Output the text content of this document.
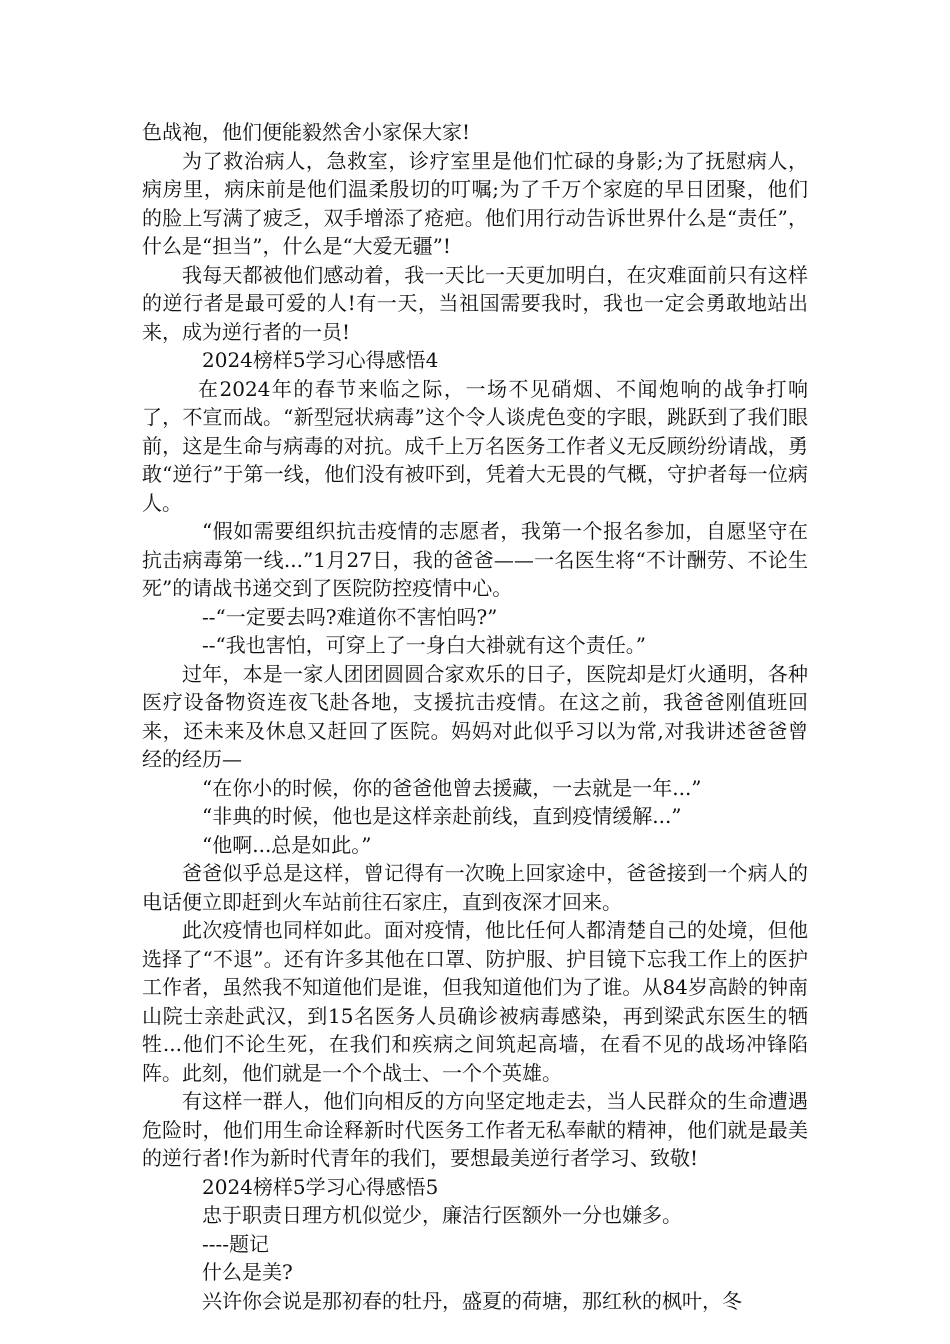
色战袍，他们便能毅然舍小家保大家!

为了救治病人，急救室，诊疗室里是他们忙碌的身影;为了抚慰病人，病房里，病床前是他们温柔殷切的叮嘱;为了千万个家庭的早日团聚，他们的脸上写满了疲乏，双手增添了疮疤。他们用行动告诉世界什么是“责任”，什么是“担当”，什么是“大爱无疆”!

我每天都被他们感动着，我一天比一天更加明白，在灾难面前只有这样的逆行者是最可爱的人!有一天，当祖国需要我时，我也一定会勇敢地站出来，成为逆行者的一员!

2024榜样5学习心得感悟4

在2024年的春节来临之际，一场不见硝烟、不闻炮响的战争打响了，不宣而战。“新型冠状病毒”这个令人谈虎色变的字眼，跳跃到了我们眼前，这是生命与病毒的对抗。成千上万名医务工作者义无反顾纷纷请战，勇敢“逆行”于第一线，他们没有被吓到，凭着大无畏的气概，守护者每一位病人。

“假如需要组织抗击疫情的志愿者，我第一个报名参加，自愿坚守在抗击病毒第一线...”1月27日，我的爸爸——一名医生将“不计酬劳、不论生死”的请战书递交到了医院防控疫情中心。

--“一定要去吗?难道你不害怕吗?”

--“我也害怕，可穿上了一身白大褂就有这个责任。”

过年，本是一家人团团圆圆合家欢乐的日子，医院却是灯火通明，各种医疗设备物资连夜飞赴各地，支援抗击疫情。在这之前，我爸爸刚值班回来，还未来及休息又赶回了医院。妈妈对此似乎习以为常,对我讲述爸爸曾经的经历—

“在你小的时候，你的爸爸他曾去援藏，一去就是一年...”

“非典的时候，他也是这样亲赴前线，直到疫情缓解...”

“他啊...总是如此。”

爸爸似乎总是这样，曾记得有一次晚上回家途中，爸爸接到一个病人的电话便立即赶到火车站前往石家庄，直到夜深才回来。

此次疫情也同样如此。面对疫情，他比任何人都清楚自己的处境，但他选择了“不退”。还有许多其他在口罩、防护服、护目镜下忘我工作上的医护工作者，虽然我不知道他们是谁，但我知道他们为了谁。从84岁高龄的钟南山院士亲赴武汉，到15名医务人员确诊被病毒感染，再到梁武东医生的牺牲...他们不论生死，在我们和疾病之间筑起高墙，在看不见的战场冲锋陷阵。此刻，他们就是一个个战士、一个个英雄。

有这样一群人，他们向相反的方向坚定地走去，当人民群众的生命遭遇危险时，他们用生命诠释新时代医务工作者无私奉献的精神，他们就是最美的逆行者!作为新时代青年的我们，要想最美逆行者学习、致敬!

2024榜样5学习心得感悟5

忠于职责日理方机似觉少，廉洁行医额外一分也嫌多。

----题记

什么是美?

兴许你会说是那初春的牡丹，盛夏的荷塘，那红秋的枫叶，冬
